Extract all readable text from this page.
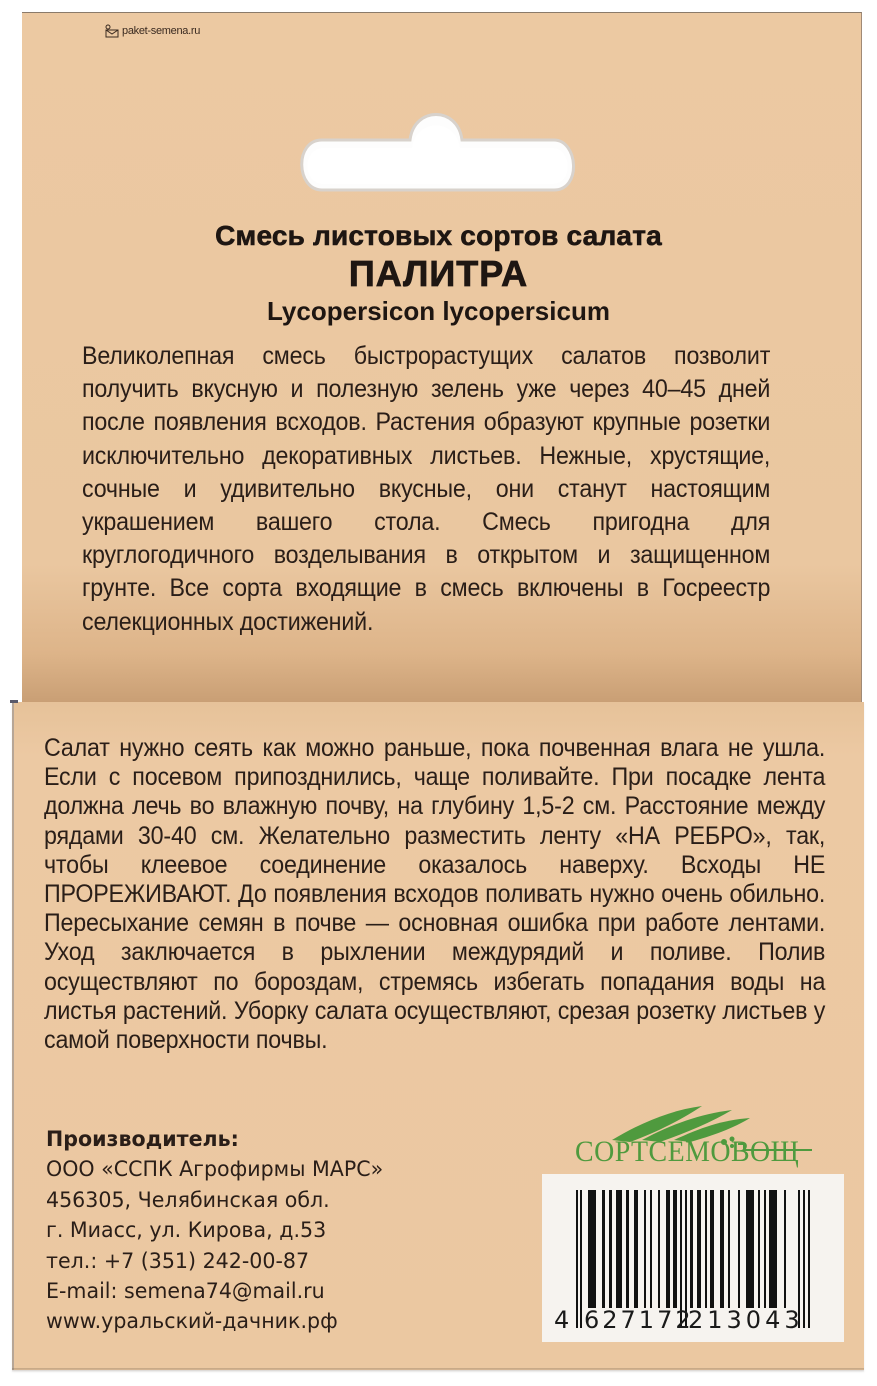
paket-semena.ru
Смесь листовых сортов салата
ПАЛИТРА
Lycopersicon lycopersicum
Великолепная смесь быстрорастущих салатов позволит получить вкусную и полезную зелень уже через 40–45 дней после появления всходов. Растения образуют крупные розетки исключительно декоративных листьев. Нежные, хрустящие, сочные и удивительно вкусные, они станут настоящим украшением вашего стола. Смесь пригодна для круглогодичного возделывания в открытом и защищенном грунте. Все сорта входящие в смесь включены в Госреестр селекционных достижений.
Салат нужно сеять как можно раньше, пока почвенная влага не ушла. Если с посевом припозднились, чаще поливайте. При посадке лента должна лечь во влажную почву, на глубину 1,5-2 см. Расстояние между рядами 30-40 см. Желательно разместить ленту «НА РЕБРО», так, чтобы клеевое соединение оказалось наверху. Всходы НЕ ПРОРЕЖИВАЮТ. До появления всходов поливать нужно очень обильно. Пересыхание семян в почве — основная ошибка при работе лентами. Уход заключается в рыхлении междурядий и поливе. Полив осуществляют по бороздам, стремясь избегать попадания воды на листья растений. Уборку салата осуществляют, срезая розетку листьев у самой поверхности почвы.
Производитель:
ООО «ССПК Агрофирмы МАРС»
456305, Челябинская обл.
г. Миасс, ул. Кирова, д.53
тел.: +7 (351) 242-00-87
E-mail: semena74@mail.ru
www.уральский-дачник.рф
СОРТСЕМОВОЩ
4 627172
213043
